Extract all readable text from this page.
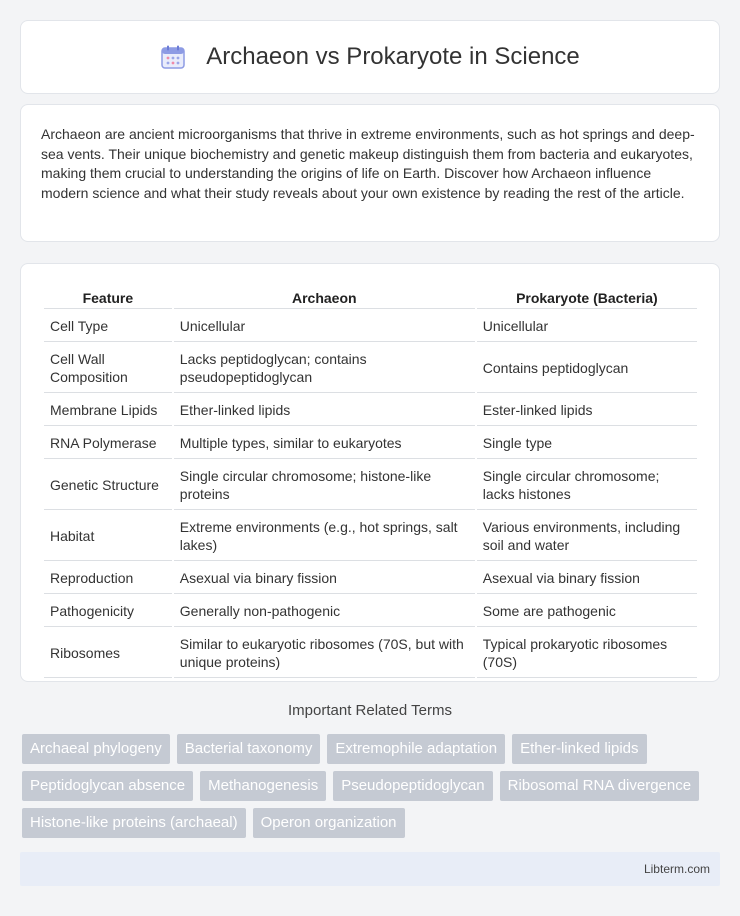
Archaeon vs Prokaryote in Science

Archaeon are ancient microorganisms that thrive in extreme environments, such as hot springs and deep-sea vents. Their unique biochemistry and genetic makeup distinguish them from bacteria and eukaryotes, making them crucial to understanding the origins of life on Earth. Discover how Archaeon influence modern science and what their study reveals about your own existence by reading the rest of the article.

Feature	Archaeon	Prokaryote (Bacteria)
Cell Type	Unicellular	Unicellular
Cell Wall Composition	Lacks peptidoglycan; contains pseudopeptidoglycan	Contains peptidoglycan
Membrane Lipids	Ether-linked lipids	Ester-linked lipids
RNA Polymerase	Multiple types, similar to eukaryotes	Single type
Genetic Structure	Single circular chromosome; histone-like proteins	Single circular chromosome; lacks histones
Habitat	Extreme environments (e.g., hot springs, salt lakes)	Various environments, including soil and water
Reproduction	Asexual via binary fission	Asexual via binary fission
Pathogenicity	Generally non-pathogenic	Some are pathogenic
Ribosomes	Similar to eukaryotic ribosomes (70S, but with unique proteins)	Typical prokaryotic ribosomes (70S)
Important Related Terms
Archaeal phylogeny	Bacterial taxonomy	Extremophile adaptation	Ether-linked lipids
Peptidoglycan absence	Methanogenesis	Pseudopeptidoglycan	Ribosomal RNA divergence
Histone-like proteins (archaeal)	Operon organization
Libterm.com
